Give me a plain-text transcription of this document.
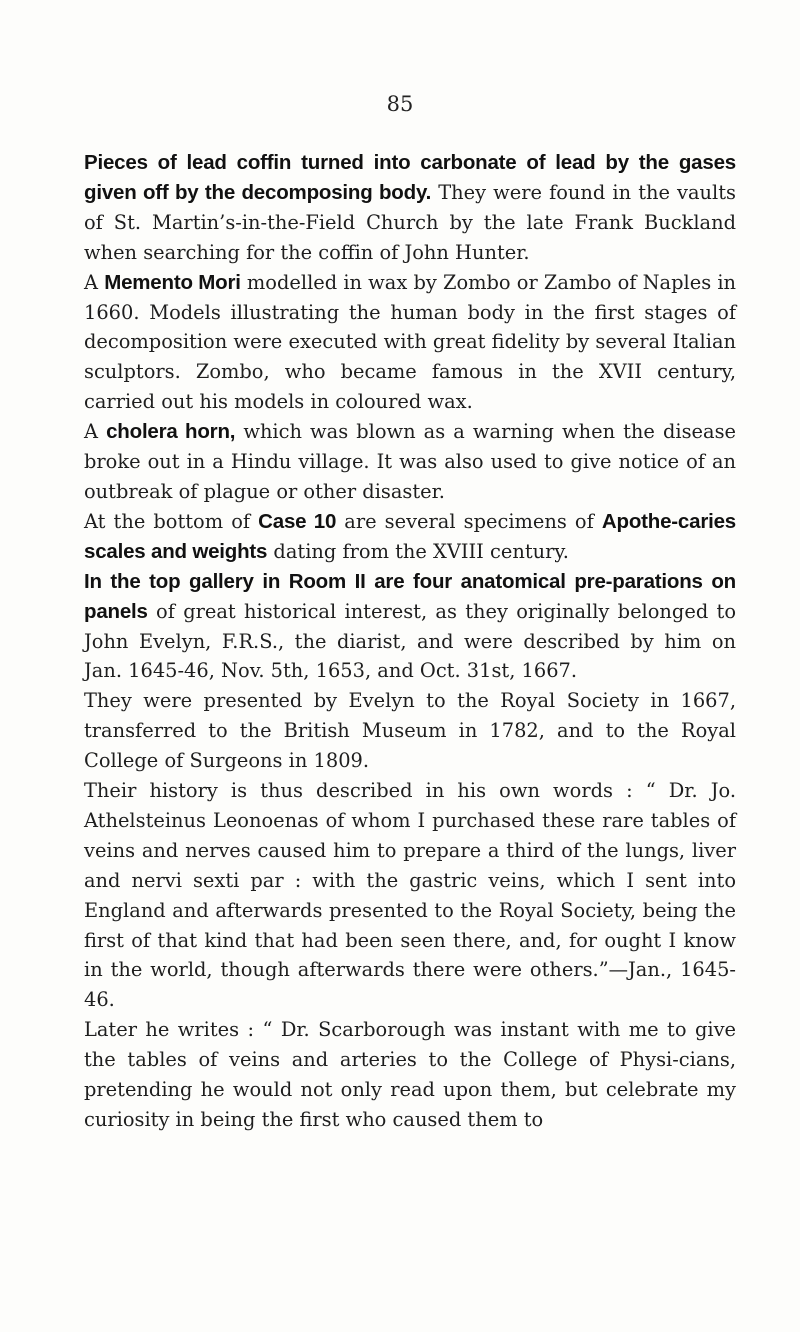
85

Pieces of lead coffin turned into carbonate of lead by the gases given off by the decomposing body. They were found in the vaults of St. Martin’s-in-the-Field Church by the late Frank Buckland when searching for the coffin of John Hunter.

A Memento Mori modelled in wax by Zombo or Zambo of Naples in 1660. Models illustrating the human body in the first stages of decomposition were executed with great fidelity by several Italian sculptors. Zombo, who became famous in the XVII century, carried out his models in coloured wax.

A cholera horn, which was blown as a warning when the disease broke out in a Hindu village. It was also used to give notice of an outbreak of plague or other disaster.

At the bottom of Case 10 are several specimens of Apothe-caries scales and weights dating from the XVIII century.

In the top gallery in Room II are four anatomical pre-parations on panels of great historical interest, as they originally belonged to John Evelyn, F.R.S., the diarist, and were described by him on Jan. 1645-46, Nov. 5th, 1653, and Oct. 31st, 1667.

They were presented by Evelyn to the Royal Society in 1667, transferred to the British Museum in 1782, and to the Royal College of Surgeons in 1809.

Their history is thus described in his own words : “ Dr. Jo. Athelsteinus Leonoenas of whom I purchased these rare tables of veins and nerves caused him to prepare a third of the lungs, liver and nervi sexti par : with the gastric veins, which I sent into England and afterwards presented to the Royal Society, being the first of that kind that had been seen there, and, for ought I know in the world, though afterwards there were others.”—Jan., 1645-46.

Later he writes : “ Dr. Scarborough was instant with me to give the tables of veins and arteries to the College of Physi-cians, pretending he would not only read upon them, but celebrate my curiosity in being the first who caused them to
